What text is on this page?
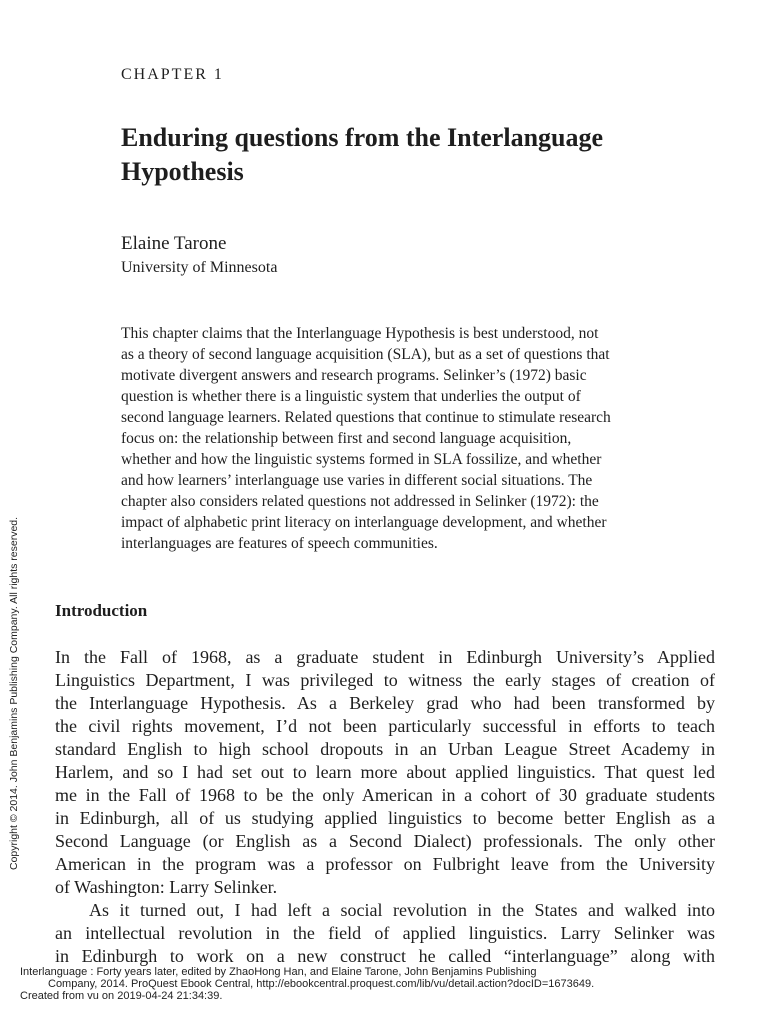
CHAPTER 1
Enduring questions from the Interlanguage
Hypothesis
Elaine Tarone
University of Minnesota
This chapter claims that the Interlanguage Hypothesis is best understood, not
as a theory of second language acquisition (SLA), but as a set of questions that
motivate divergent answers and research programs. Selinker’s (1972) basic
question is whether there is a linguistic system that underlies the output of
second language learners. Related questions that continue to stimulate research
focus on: the relationship between first and second language acquisition,
whether and how the linguistic systems formed in SLA fossilize, and whether
and how learners’ interlanguage use varies in different social situations. The
chapter also considers related questions not addressed in Selinker (1972): the
impact of alphabetic print literacy on interlanguage development, and whether
interlanguages are features of speech communities.
Copyright © 2014. John Benjamins Publishing Company. All rights reserved. Introduction
In the Fall of 1968, as a graduate student in Edinburgh University’s Applied
Linguistics Department, I was privileged to witness the early stages of creation of
the Interlanguage Hypothesis. As a Berkeley grad who had been transformed by
the civil rights movement, I’d not been particularly successful in efforts to teach
standard English to high school dropouts in an Urban League Street Academy in
Harlem, and so I had set out to learn more about applied linguistics. That quest led
me in the Fall of 1968 to be the only American in a cohort of 30 graduate students
in Edinburgh, all of us studying applied linguistics to become better English as a
Second Language (or English as a Second Dialect) professionals. The only other
American in the program was a professor on Fulbright leave from the University
of Washington: Larry Selinker.
As it turned out, I had left a social revolution in the States and walked into
an intellectual revolution in the field of applied linguistics. Larry Selinker was
in Edinburgh to work on a new construct he called “interlanguage” along with
Interlanguage : Forty years later, edited by ZhaoHong Han, and Elaine Tarone, John Benjamins Publishing
Company, 2014. ProQuest Ebook Central, http://ebookcentral.proquest.com/lib/vu/detail.action?docID=1673649.
Created from vu on 2019-04-24 21:34:39.
